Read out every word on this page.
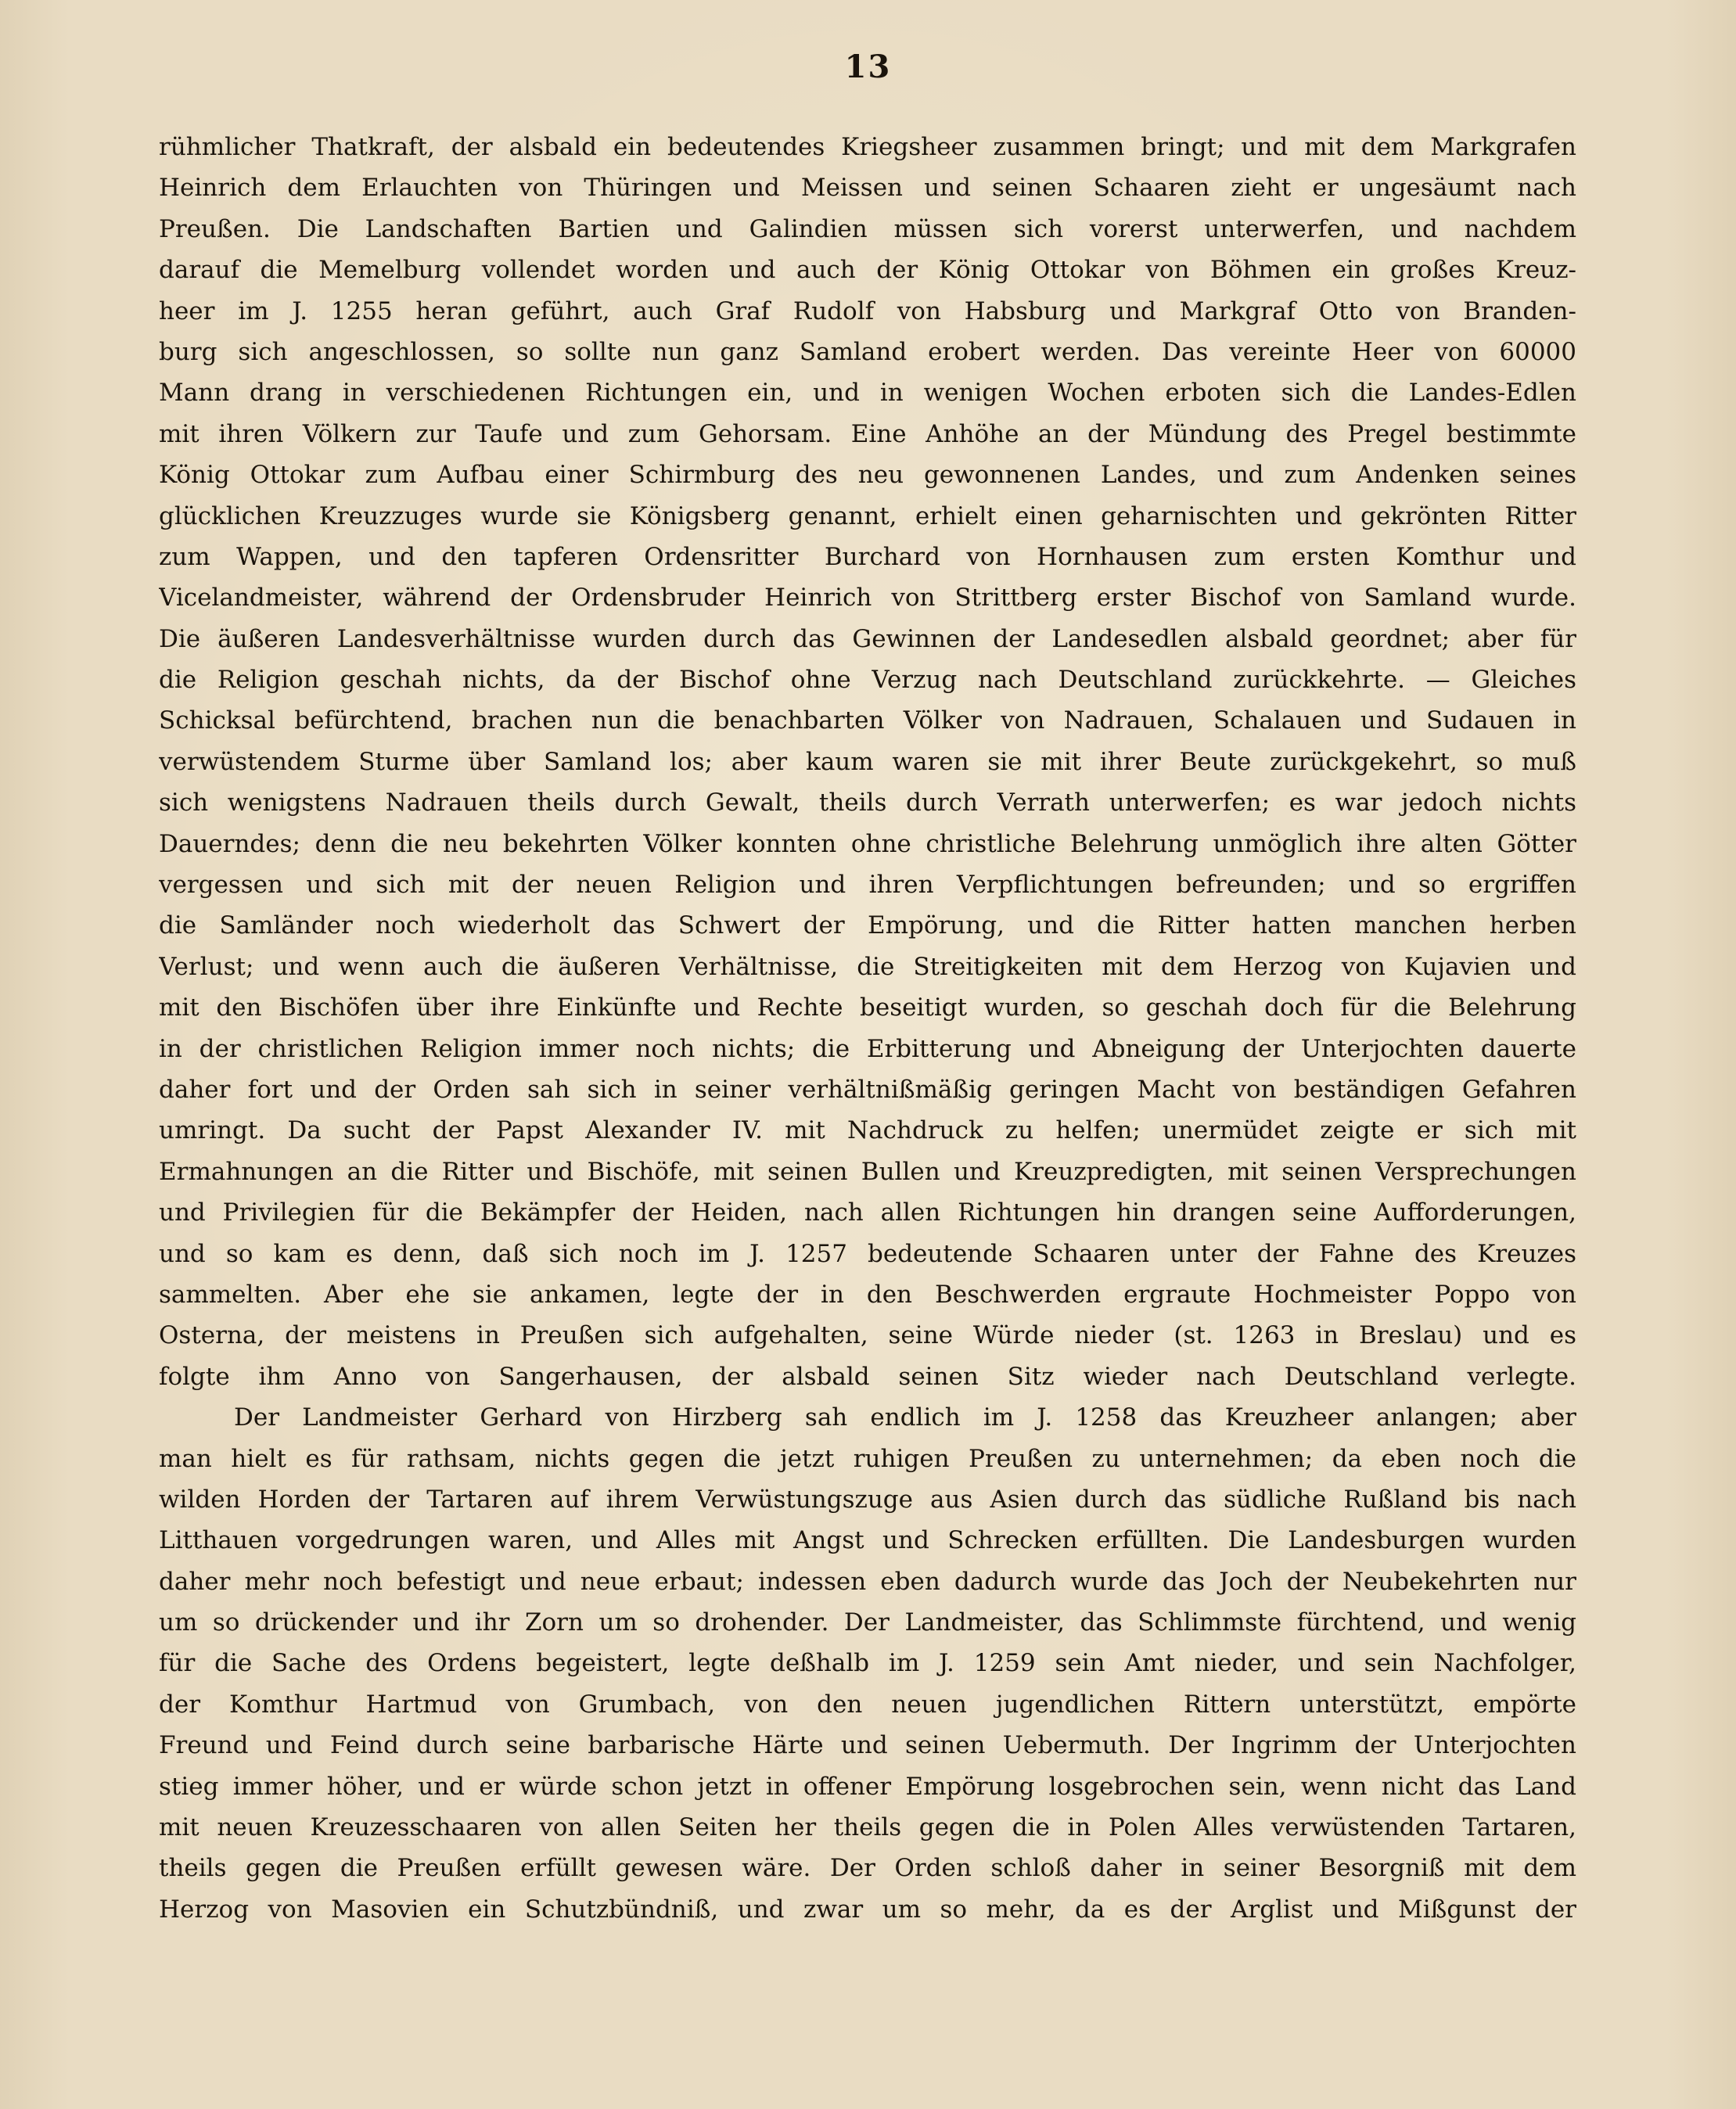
13
rühmlicher Thatkraft, der alsbald ein bedeutendes Kriegsheer zusammen bringt; und mit dem Markgrafen
Heinrich dem Erlauchten von Thüringen und Meissen und seinen Schaaren zieht er ungesäumt nach
Preußen. Die Landschaften Bartien und Galindien müssen sich vorerst unterwerfen, und nachdem
darauf die Memelburg vollendet worden und auch der König Ottokar von Böhmen ein großes Kreuz-
heer im J. 1255 heran geführt, auch Graf Rudolf von Habsburg und Markgraf Otto von Branden-
burg sich angeschlossen, so sollte nun ganz Samland erobert werden. Das vereinte Heer von 60000
Mann drang in verschiedenen Richtungen ein, und in wenigen Wochen erboten sich die Landes-Edlen
mit ihren Völkern zur Taufe und zum Gehorsam. Eine Anhöhe an der Mündung des Pregel bestimmte
König Ottokar zum Aufbau einer Schirmburg des neu gewonnenen Landes, und zum Andenken seines
glücklichen Kreuzzuges wurde sie Königsberg genannt, erhielt einen geharnischten und gekrönten Ritter
zum Wappen, und den tapferen Ordensritter Burchard von Hornhausen zum ersten Komthur und
Vicelandmeister, während der Ordensbruder Heinrich von Strittberg erster Bischof von Samland wurde.
Die äußeren Landesverhältnisse wurden durch das Gewinnen der Landesedlen alsbald geordnet; aber für
die Religion geschah nichts, da der Bischof ohne Verzug nach Deutschland zurückkehrte. — Gleiches
Schicksal befürchtend, brachen nun die benachbarten Völker von Nadrauen, Schalauen und Sudauen in
verwüstendem Sturme über Samland los; aber kaum waren sie mit ihrer Beute zurückgekehrt, so muß
sich wenigstens Nadrauen theils durch Gewalt, theils durch Verrath unterwerfen; es war jedoch nichts
Dauerndes; denn die neu bekehrten Völker konnten ohne christliche Belehrung unmöglich ihre alten Götter
vergessen und sich mit der neuen Religion und ihren Verpflichtungen befreunden; und so ergriffen
die Samländer noch wiederholt das Schwert der Empörung, und die Ritter hatten manchen herben
Verlust; und wenn auch die äußeren Verhältnisse, die Streitigkeiten mit dem Herzog von Kujavien und
mit den Bischöfen über ihre Einkünfte und Rechte beseitigt wurden, so geschah doch für die Belehrung
in der christlichen Religion immer noch nichts; die Erbitterung und Abneigung der Unterjochten dauerte
daher fort und der Orden sah sich in seiner verhältnißmäßig geringen Macht von beständigen Gefahren
umringt. Da sucht der Papst Alexander IV. mit Nachdruck zu helfen; unermüdet zeigte er sich mit
Ermahnungen an die Ritter und Bischöfe, mit seinen Bullen und Kreuzpredigten, mit seinen Versprechungen
und Privilegien für die Bekämpfer der Heiden, nach allen Richtungen hin drangen seine Aufforderungen,
und so kam es denn, daß sich noch im J. 1257 bedeutende Schaaren unter der Fahne des Kreuzes
sammelten. Aber ehe sie ankamen, legte der in den Beschwerden ergraute Hochmeister Poppo von
Osterna, der meistens in Preußen sich aufgehalten, seine Würde nieder (st. 1263 in Breslau) und es
folgte ihm Anno von Sangerhausen, der alsbald seinen Sitz wieder nach Deutschland verlegte.
Der Landmeister Gerhard von Hirzberg sah endlich im J. 1258 das Kreuzheer anlangen; aber
man hielt es für rathsam, nichts gegen die jetzt ruhigen Preußen zu unternehmen; da eben noch die
wilden Horden der Tartaren auf ihrem Verwüstungszuge aus Asien durch das südliche Rußland bis nach
Litthauen vorgedrungen waren, und Alles mit Angst und Schrecken erfüllten. Die Landesburgen wurden
daher mehr noch befestigt und neue erbaut; indessen eben dadurch wurde das Joch der Neubekehrten nur
um so drückender und ihr Zorn um so drohender. Der Landmeister, das Schlimmste fürchtend, und wenig
für die Sache des Ordens begeistert, legte deßhalb im J. 1259 sein Amt nieder, und sein Nachfolger,
der Komthur Hartmud von Grumbach, von den neuen jugendlichen Rittern unterstützt, empörte
Freund und Feind durch seine barbarische Härte und seinen Uebermuth. Der Ingrimm der Unterjochten
stieg immer höher, und er würde schon jetzt in offener Empörung losgebrochen sein, wenn nicht das Land
mit neuen Kreuzesschaaren von allen Seiten her theils gegen die in Polen Alles verwüstenden Tartaren,
theils gegen die Preußen erfüllt gewesen wäre. Der Orden schloß daher in seiner Besorgniß mit dem
Herzog von Masovien ein Schutzbündniß, und zwar um so mehr, da es der Arglist und Mißgunst der
